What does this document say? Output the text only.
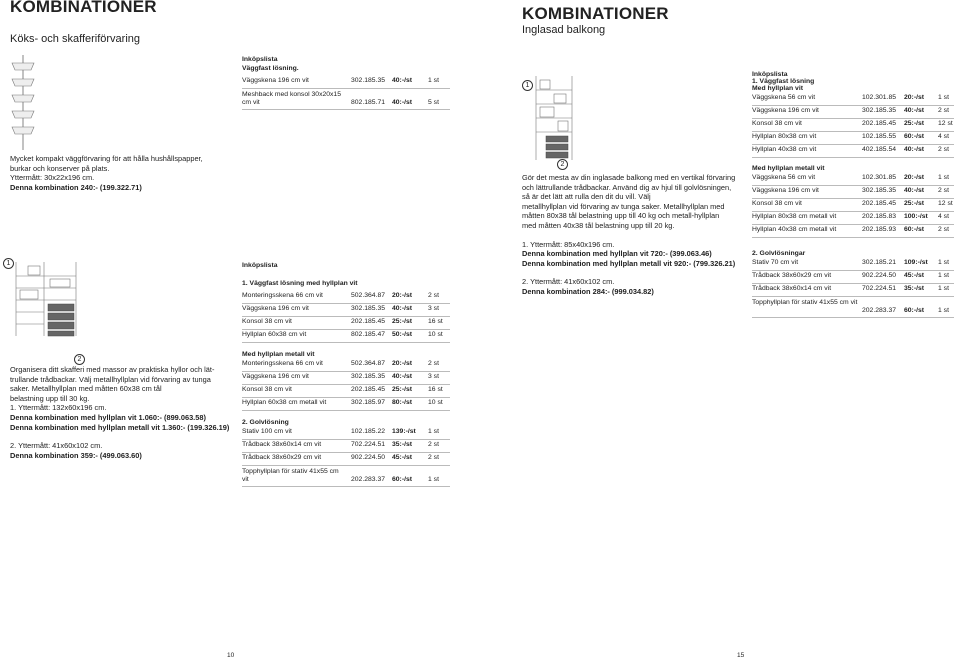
KOMBINATIONER
Köks- och skafferiförvaring
Mycket kompakt väggförvaring för att hålla hushållspapper,
burkar och konserver på plats.
Yttermått: 30x22x196 cm.
Denna kombination 240:- (199.322.71)
1
2
Organisera ditt skafferi med massor av praktiska hyllor och lät-
trullande trådbackar. Välj metallhyllplan vid förvaring av tunga
saker. Metallhyllplan med måtten 60x38 cm tål
belastning upp till 30 kg.
1. Yttermått: 132x60x196 cm.
Denna kombination med hyllplan vit 1.060:- (899.063.58)
Denna kombination med hyllplan metall vit 1.360:- (199.326.19)
2. Yttermått: 41x60x102 cm.
Denna kombination 359:- (499.063.60)
Inköpslista
Väggfast lösning.
Väggskena 196 cm vit	302.185.35 40:-/st 1 st
Meshback med konsol 30x20x15 cm vit	802.185.71 40:-/st 5 st
Inköpslista
1. Väggfast lösning med hyllplan vit
Monteringsskena 66 cm vit	502.364.87 20:-/st 2 st
Väggskena 196 cm vit	302.185.35 40:-/st 3 st
Konsol 38 cm vit	202.185.45 25:-/st 16 st
Hyllplan 60x38 cm vit	802.185.47 50:-/st 10 st
Med hyllplan metall vit
Monteringsskena 66 cm vit	502.364.87 20:-/st 2 st
Väggskena 196 cm vit	302.185.35 40:-/st 3 st
Konsol 38 cm vit	202.185.45 25:-/st 16 st
Hyllplan 60x38 cm metall vit	302.185.97 80:-/st 10 st
2. Golvlösning
Stativ 100 cm vit	102.185.22 139:-/st 1 st
Trådback 38x60x14 cm vit	702.224.51 35:-/st 2 st
Trådback 38x60x29 cm vit	902.224.50 45:-/st 2 st
Topphyllplan för stativ 41x55 cm vit	202.283.37 60:-/st 1 st
10
KOMBINATIONER
Inglasad balkong
1
2
Gör det mesta av din inglasade balkong med en vertikal förvaring
och lättrullande trådbackar. Använd dig av hjul till golvlösningen,
så är det lätt att rulla den dit du vill. Välj
metallhyllplan vid förvaring av tunga saker. Metallhyllplan med
måtten 80x38 tål belastning upp till 40 kg och metall-hyllplan
med måtten 40x38 tål belastning upp till 20 kg.
1. Yttermått: 85x40x196 cm.
Denna kombination med hyllplan vit 720:- (399.063.46)
Denna kombination med hyllplan metall vit 920:- (799.326.21)
2. Yttermått: 41x60x102 cm.
Denna kombination 284:- (999.034.82)
Inköpslista
1. Väggfast lösning
Med hyllplan vit
Väggskena 56 cm vit	102.301.85 20:-/st 1 st
Väggskena 196 cm vit	302.185.35 40:-/st 2 st
Konsol 38 cm vit	202.185.45 25:-/st 12 st
Hyllplan 80x38 cm vit	102.185.55 60:-/st 4 st
Hyllplan 40x38 cm vit	402.185.54 40:-/st 2 st
Med hyllplan metall vit
Väggskena 56 cm vit	102.301.85 20:-/st 1 st
Väggskena 196 cm vit	302.185.35 40:-/st 2 st
Konsol 38 cm vit	202.185.45 25:-/st 12 st
Hyllplan 80x38 cm metall vit	202.185.83 100:-/st 4 st
Hyllplan 40x38 cm metall vit	202.185.93 60:-/st 2 st
2. Golvlösningar
Stativ 70 cm vit	302.185.21 109:-/st 1 st
Trådback 38x60x29 cm vit	902.224.50 45:-/st 1 st
Trådback 38x60x14 cm vit	702.224.51 35:-/st 1 st
Topphyllplan för stativ 41x55 cm vit
202.283.37 60:-/st 1 st
15
